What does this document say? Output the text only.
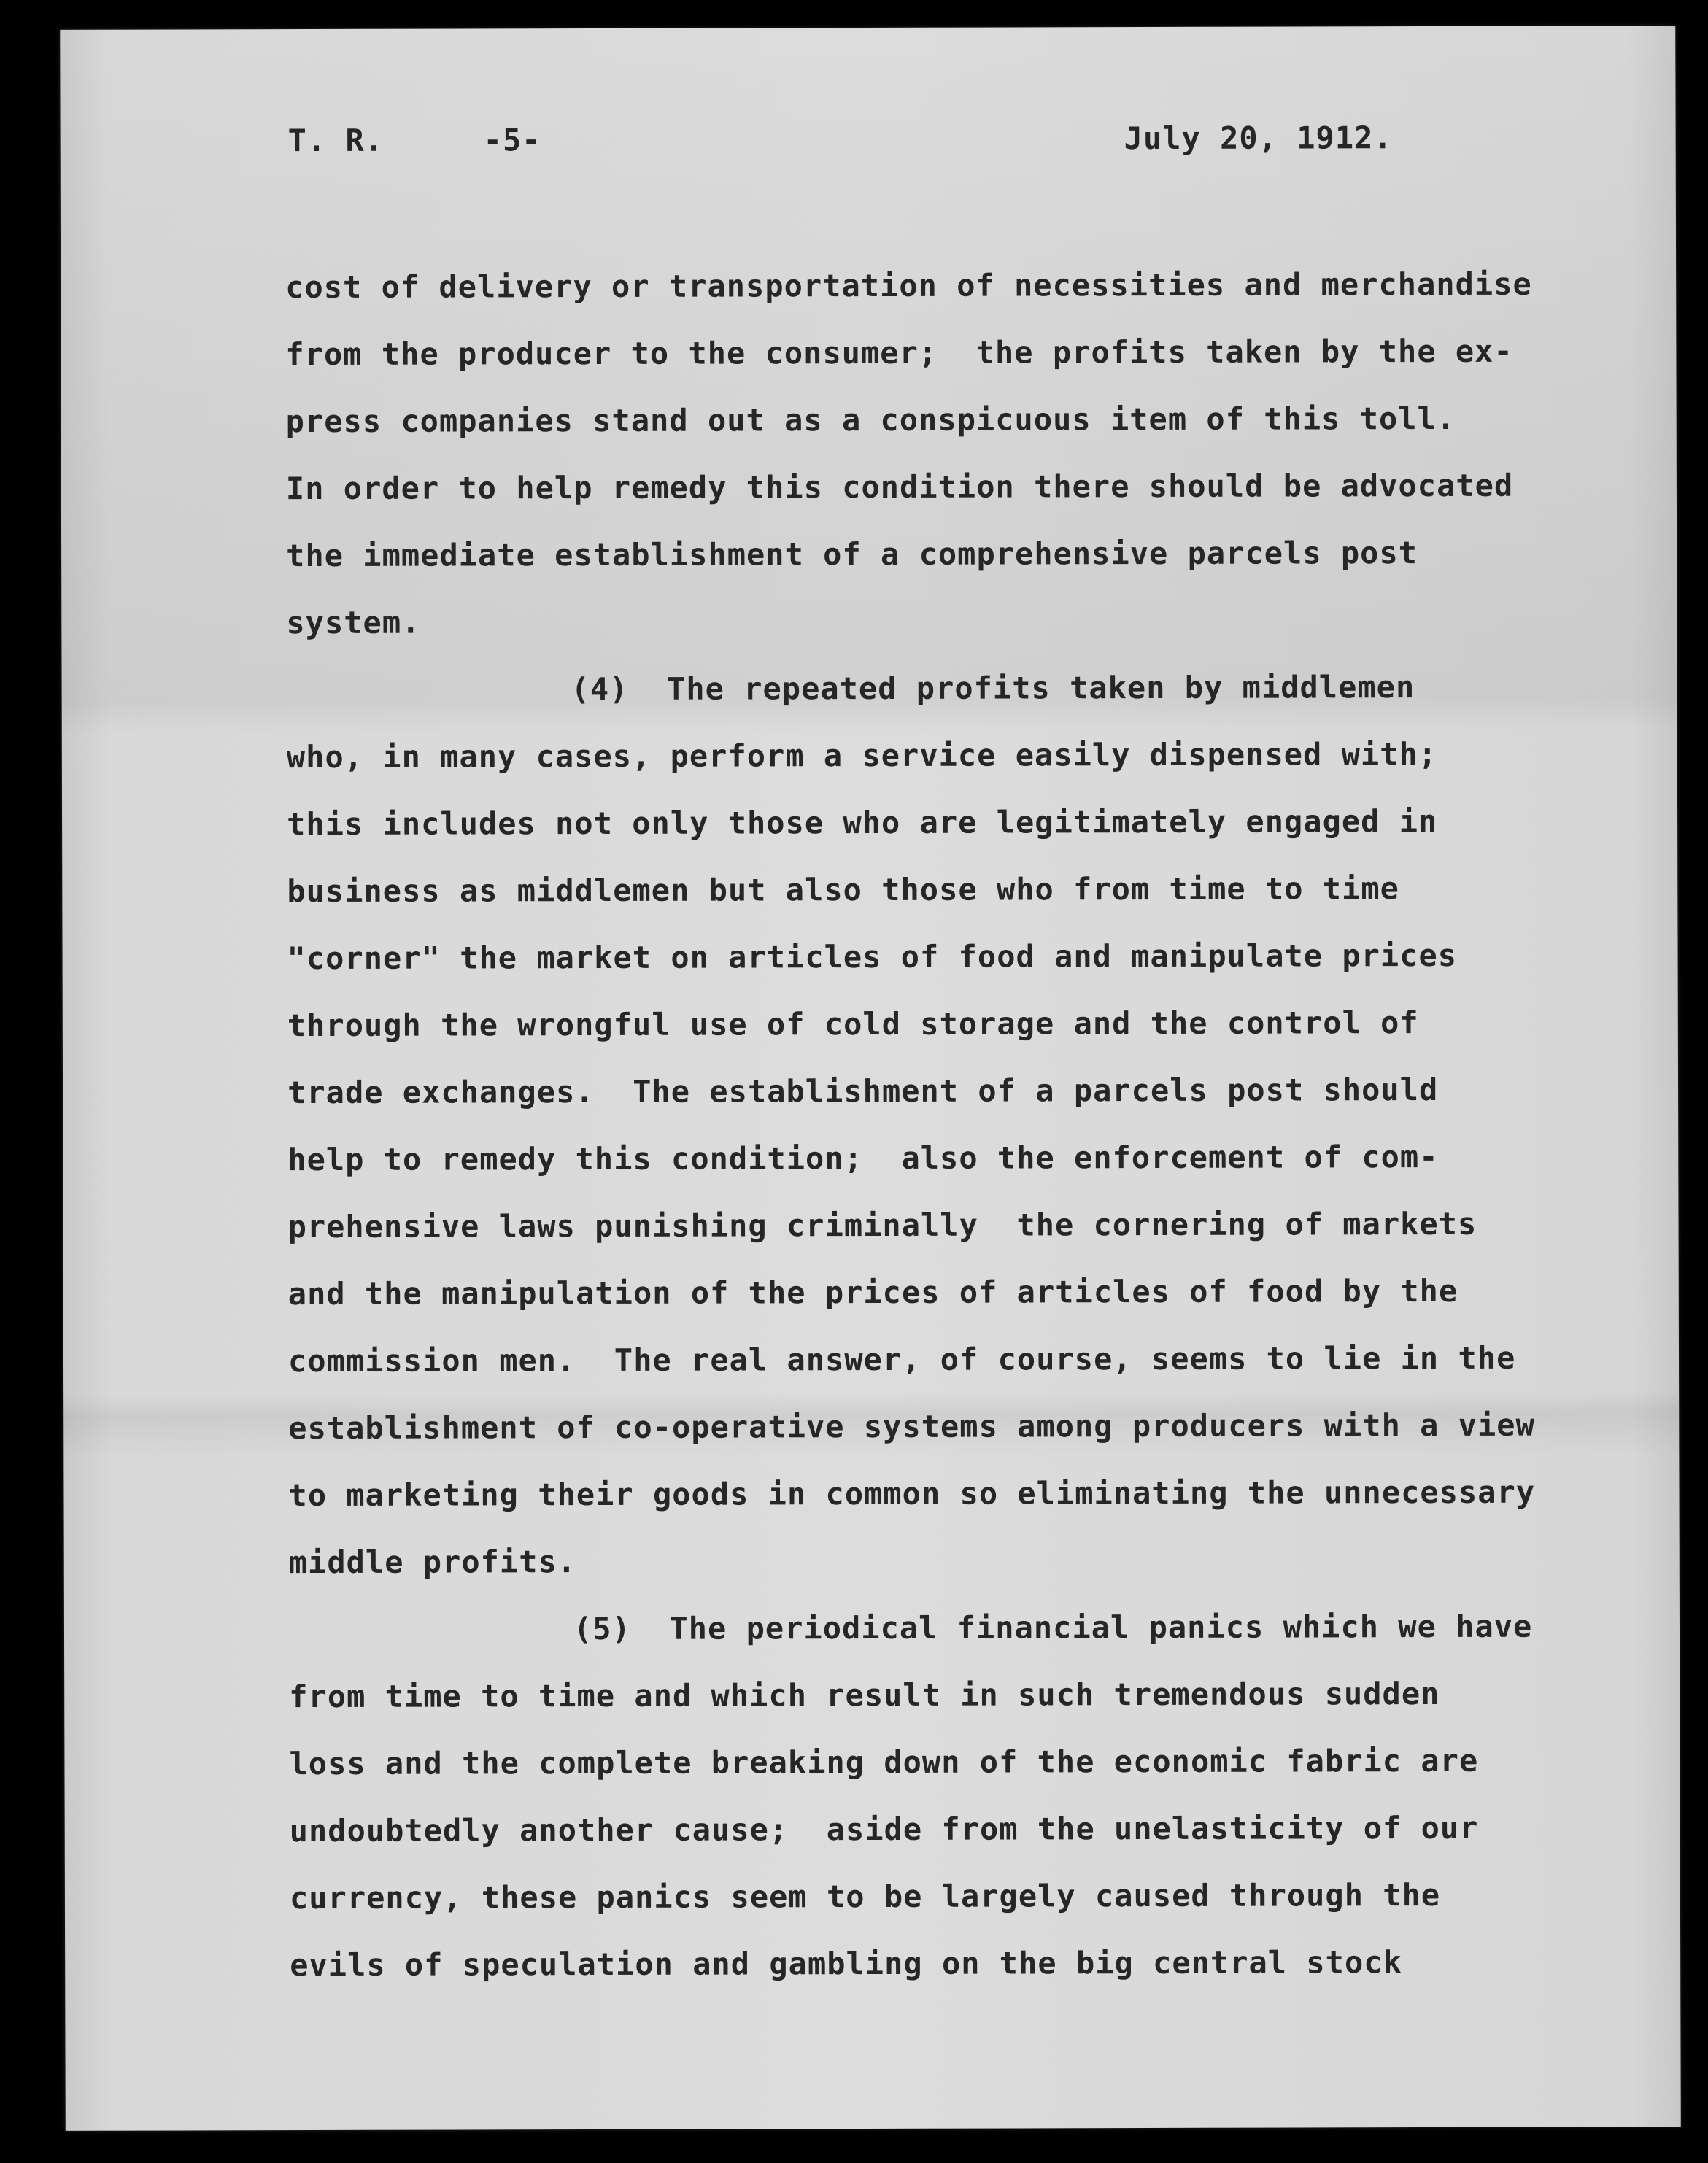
T. R.	-5-	July 20, 1912.
cost of delivery or transportation of necessities and merchandise
from the producer to the consumer;  the profits taken by the ex-
press companies stand out as a conspicuous item of this toll.
In order to help remedy this condition there should be advocated
the immediate establishment of a comprehensive parcels post
system.
(4)  The repeated profits taken by middlemen
who, in many cases, perform a service easily dispensed with;
this includes not only those who are legitimately engaged in
business as middlemen but also those who from time to time
"corner" the market on articles of food and manipulate prices
through the wrongful use of cold storage and the control of
trade exchanges.  The establishment of a parcels post should
help to remedy this condition;  also the enforcement of com-
prehensive laws punishing criminally  the cornering of markets
and the manipulation of the prices of articles of food by the
commission men.  The real answer, of course, seems to lie in the
establishment of co-operative systems among producers with a view
to marketing their goods in common so eliminating the unnecessary
middle profits.
(5)  The periodical financial panics which we have
from time to time and which result in such tremendous sudden
loss and the complete breaking down of the economic fabric are
undoubtedly another cause;  aside from the unelasticity of our
currency, these panics seem to be largely caused through the
evils of speculation and gambling on the big central stock
